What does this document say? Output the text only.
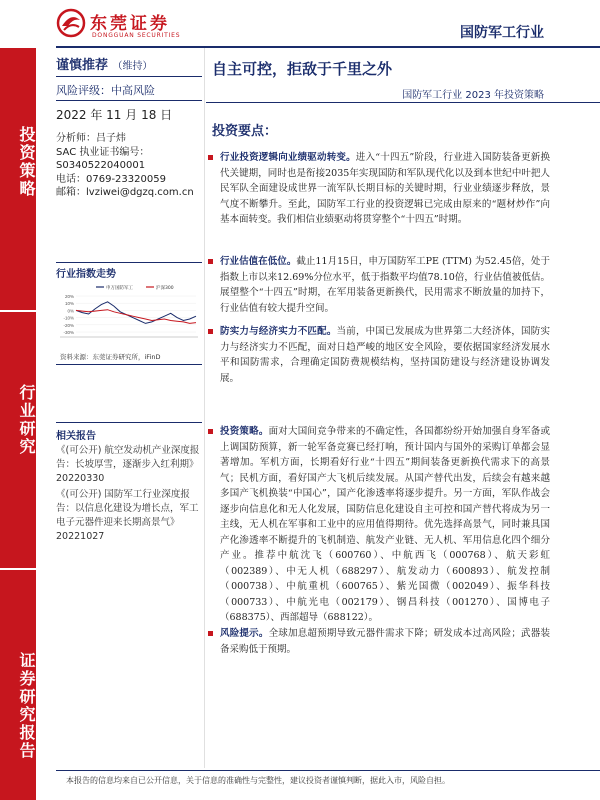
东莞证券
DONGGUAN SECURITIES	国防军工行业
投资策略
行业研究
证券研究报告
谨慎推荐 （维持）
风险评级：中高风险
2022 年 11 月 18 日
分析师：吕子炜
SAC 执业证书编号：
S0340522040001
电话：0769-23320059
邮箱：lvziwei@dgzq.com.cn
行业指数走势
-30%
-20%
-10%
0%
10%
20%
申万国防军工	沪深300
资料来源：东莞证券研究所，iFinD
相关报告
《(可公开) 航空发动机产业深度报告：长坡厚雪，逐渐步入红利期》20220330
《(可公开) 国防军工行业深度报告：以信息化建设为增长点，军工电子元器件迎来长期高景气》20221027
自主可控，拒敌于千里之外
国防军工行业 2023 年投资策略
投资要点：
行业投资逻辑向业绩驱动转变。进入“十四五”阶段，行业进入国防装备更新换代关键期，同时也是衔接2035年实现国防和军队现代化以及到本世纪中叶把人民军队全面建设成世界一流军队长期目标的关键时期，行业业绩逐步释放，景气度不断攀升。至此，国防军工行业的投资逻辑已完成由原来的“题材炒作”向基本面转变。我们相信业绩驱动将贯穿整个“十四五”时期。
行业估值在低位。截止11月15日，申万国防军工PE (TTM) 为52.45倍，处于指数上市以来12.69%分位水平，低于指数平均值78.10倍，行业估值被低估。展望整个“十四五”时期，在军用装备更新换代，民用需求不断放量的加持下，行业估值有较大提升空间。
防实力与经济实力不匹配。当前，中国已发展成为世界第二大经济体，国防实力与经济实力不匹配，面对日趋严峻的地区安全风险，要依据国家经济发展水平和国防需求，合理确定国防费规模结构，坚持国防建设与经济建设协调发展。
投资策略。面对大国间竞争带来的不确定性，各国都纷纷开始加强自身军备或上调国防预算，新一轮军备竞赛已经打响，预计国内与国外的采购订单都会显著增加。军机方面，长期看好行业“十四五”期间装备更新换代需求下的高景气；民机方面，看好国产大飞机后续发展。从国产替代出发，后续会有越来越多国产飞机换装“中国心”，国产化渗透率将逐步提升。另一方面，军队作战会逐步向信息化和无人化发展，国防信息化建设自主可控和国产替代将成为另一主线，无人机在军事和工业中的应用值得期待。优先选择高景气，同时兼具国产化渗透率不断提升的飞机制造、航发产业链、无人机、军用信息化四个细分产业。推荐中航沈飞（600760）、中航西飞（000768）、航天彩虹（002389）、中无人机（688297）、航发动力（600893）、航发控制（000738）、中航重机（600765）、紫光国微（002049）、振华科技（000733）、中航光电（002179）、钢昌科技（001270）、国博电子（688375）、西部超导（688122）。
风险提示。全球加息超预期导致元器件需求下降；研发成本过高风险；武器装备采购低于预期。
本报告的信息均来自已公开信息，关于信息的准确性与完整性，建议投资者谨慎判断，据此入市，风险自担。
